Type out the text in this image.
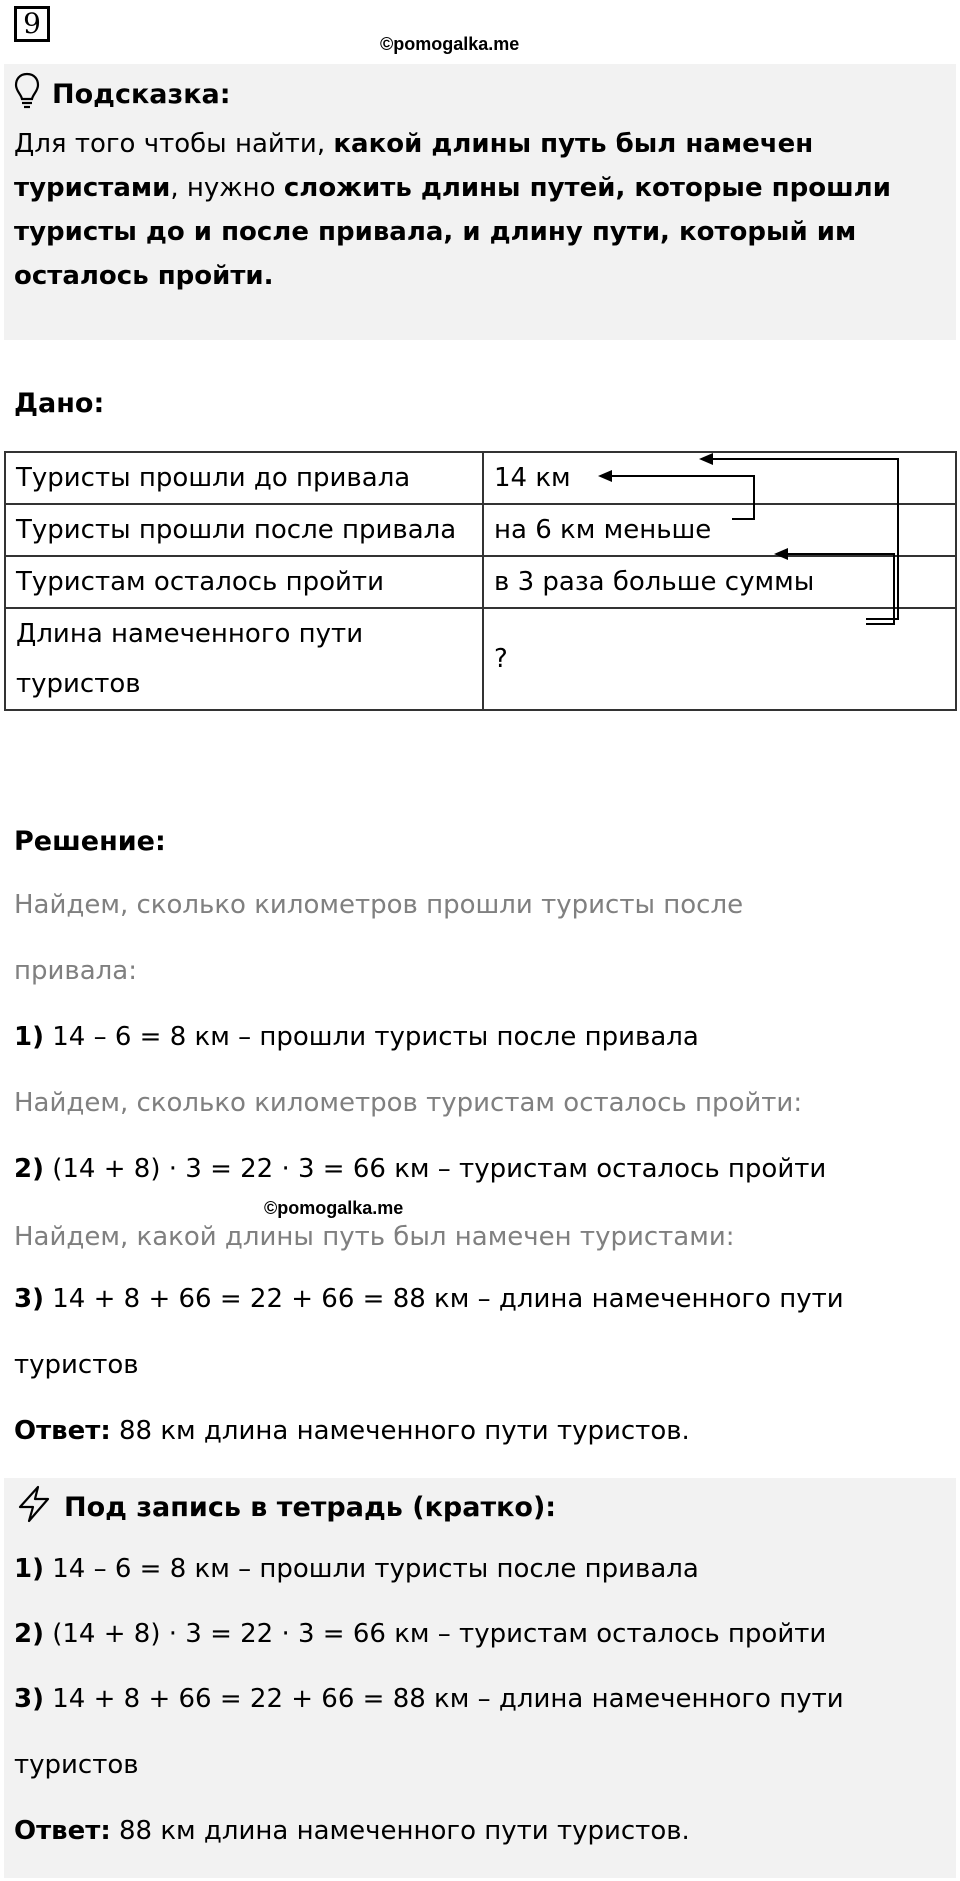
9
©pomogalka.me
Подсказка:
Для того чтобы найти, какой длины путь был намечен туристами, нужно сложить длины путей, которые прошли туристы до и после привала, и длину пути, который им осталось пройти.
Дано:
Туристы прошли до привала	14 км
Туристы прошли после привала	на 6 км меньше
Туристам осталось пройти	в 3 раза больше суммы
Длина намеченного пути туристов	?
Решение:
Найдем, сколько километров прошли туристы после
привала:
1) 14 – 6 = 8 км – прошли туристы после привала
Найдем, сколько километров туристам осталось пройти:
2) (14 + 8) · 3 = 22 · 3 = 66 км – туристам осталось пройти
©pomogalka.me
Найдем, какой длины путь был намечен туристами:
3) 14 + 8 + 66 = 22 + 66 = 88 км – длина намеченного пути
туристов
Ответ: 88 км длина намеченного пути туристов.
Под запись в тетрадь (кратко):
1) 14 – 6 = 8 км – прошли туристы после привала
2) (14 + 8) · 3 = 22 · 3 = 66 км – туристам осталось пройти
3) 14 + 8 + 66 = 22 + 66 = 88 км – длина намеченного пути
туристов
Ответ: 88 км длина намеченного пути туристов.
